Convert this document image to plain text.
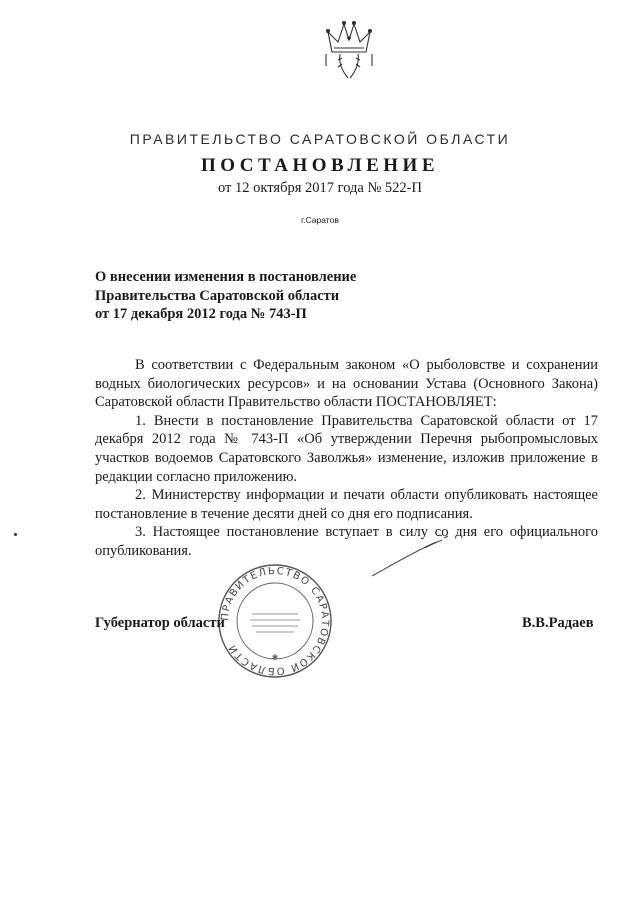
ПРАВИТЕЛЬСТВО САРАТОВСКОЙ ОБЛАСТИ
ПОСТАНОВЛЕНИЕ
от 12 октября 2017 года № 522-П
г.Саратов
О внесении изменения в постановление
Правительства Саратовской области
от 17 декабря 2012 года № 743-П

В соответствии с Федеральным законом «О рыболовстве и сохранении водных биологических ресурсов» и на основании Устава (Основного Закона) Саратовской области Правительство области ПОСТАНОВЛЯЕТ:

1. Внести в постановление Правительства Саратовской области от 17 декабря 2012 года № 743-П «Об утверждении Перечня рыбопромысловых участков водоемов Саратовского Заволжья» изменение, изложив приложение в редакции согласно приложению.

2. Министерству информации и печати области опубликовать настоящее постановление в течение десяти дней со дня его подписания.

3. Настоящее постановление вступает в силу со дня его официального опубликования.

ПРАВИТЕЛЬСТВО САРАТОВСКОЙ ОБЛАСТИ
✱
Губернатор области	В.В.Радаев
